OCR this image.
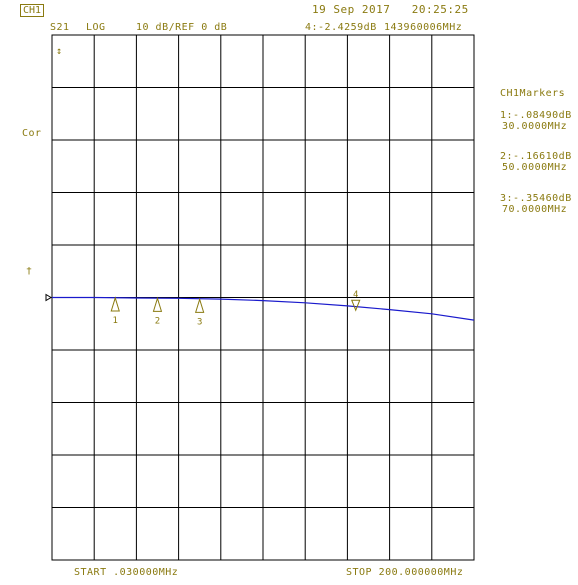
19 Sep 2017   20:25:25
CH1
S21 LOG	10 dB/REF 0 dB	4:-2.4259dB 143960006MHz
Cor
†
↕
CH1Markers
1:-.08490dB
30.0000MHz
2:-.16610dB
50.0000MHz
3:-.35460dB
70.0000MHz
1	2	3
4
START .030000MHz	STOP 200.000000MHz
